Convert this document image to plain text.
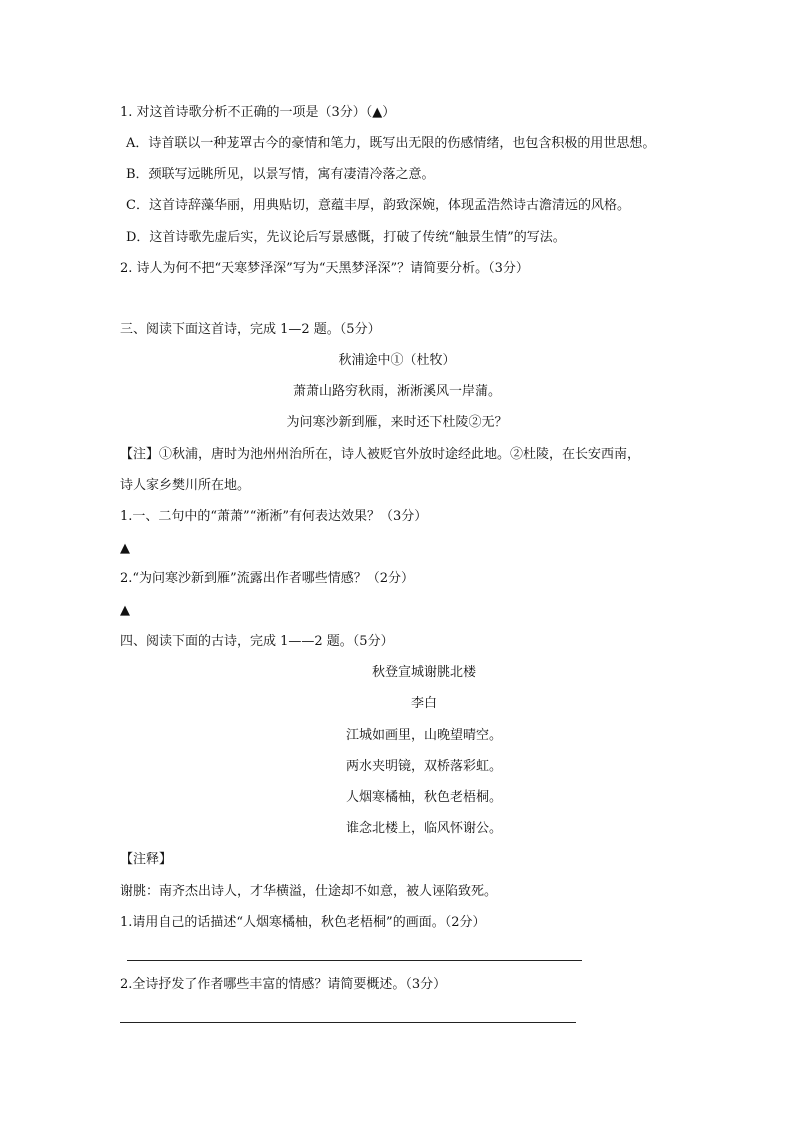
1. 对这首诗歌分析不正确的一项是（3分）（▲）
A．诗首联以一种茏罩古今的豪情和笔力，既写出无限的伤感情绪，也包含积极的用世思想。
B．颈联写远眺所见，以景写情，寓有凄清冷落之意。
C．这首诗辞藻华丽，用典贴切，意蕴丰厚，韵致深婉，体现孟浩然诗古澹清远的风格。
D．这首诗歌先虚后实，先议论后写景感慨，打破了传统“触景生情”的写法。
2. 诗人为何不把“天寒梦泽深”写为“天黑梦泽深”？请简要分析。（3分）
三、阅读下面这首诗，完成 1—2 题。（5分）
秋浦途中①（杜牧）
萧萧山路穷秋雨，淅淅溪风一岸蒲。
为问寒沙新到雁，来时还下杜陵②无？
【注】①秋浦，唐时为池州州治所在，诗人被贬官外放时途经此地。②杜陵，在长安西南，
诗人家乡樊川所在地。
1.一、二句中的“萧萧”“淅淅”有何表达效果？（3分）
▲
2.“为问寒沙新到雁”流露出作者哪些情感？（2分）
▲
四、阅读下面的古诗，完成 1——2 题。（5分）
秋登宣城谢朓北楼
李白
江城如画里，山晚望晴空。
两水夹明镜，双桥落彩虹。
人烟寒橘柚，秋色老梧桐。
谁念北楼上，临风怀谢公。
【注释】
谢朓：南齐杰出诗人，才华横溢，仕途却不如意，被人诬陷致死。
1.请用自己的话描述“人烟寒橘柚，秋色老梧桐”的画面。（2分）
2.全诗抒发了作者哪些丰富的情感？请简要概述。（3分）
